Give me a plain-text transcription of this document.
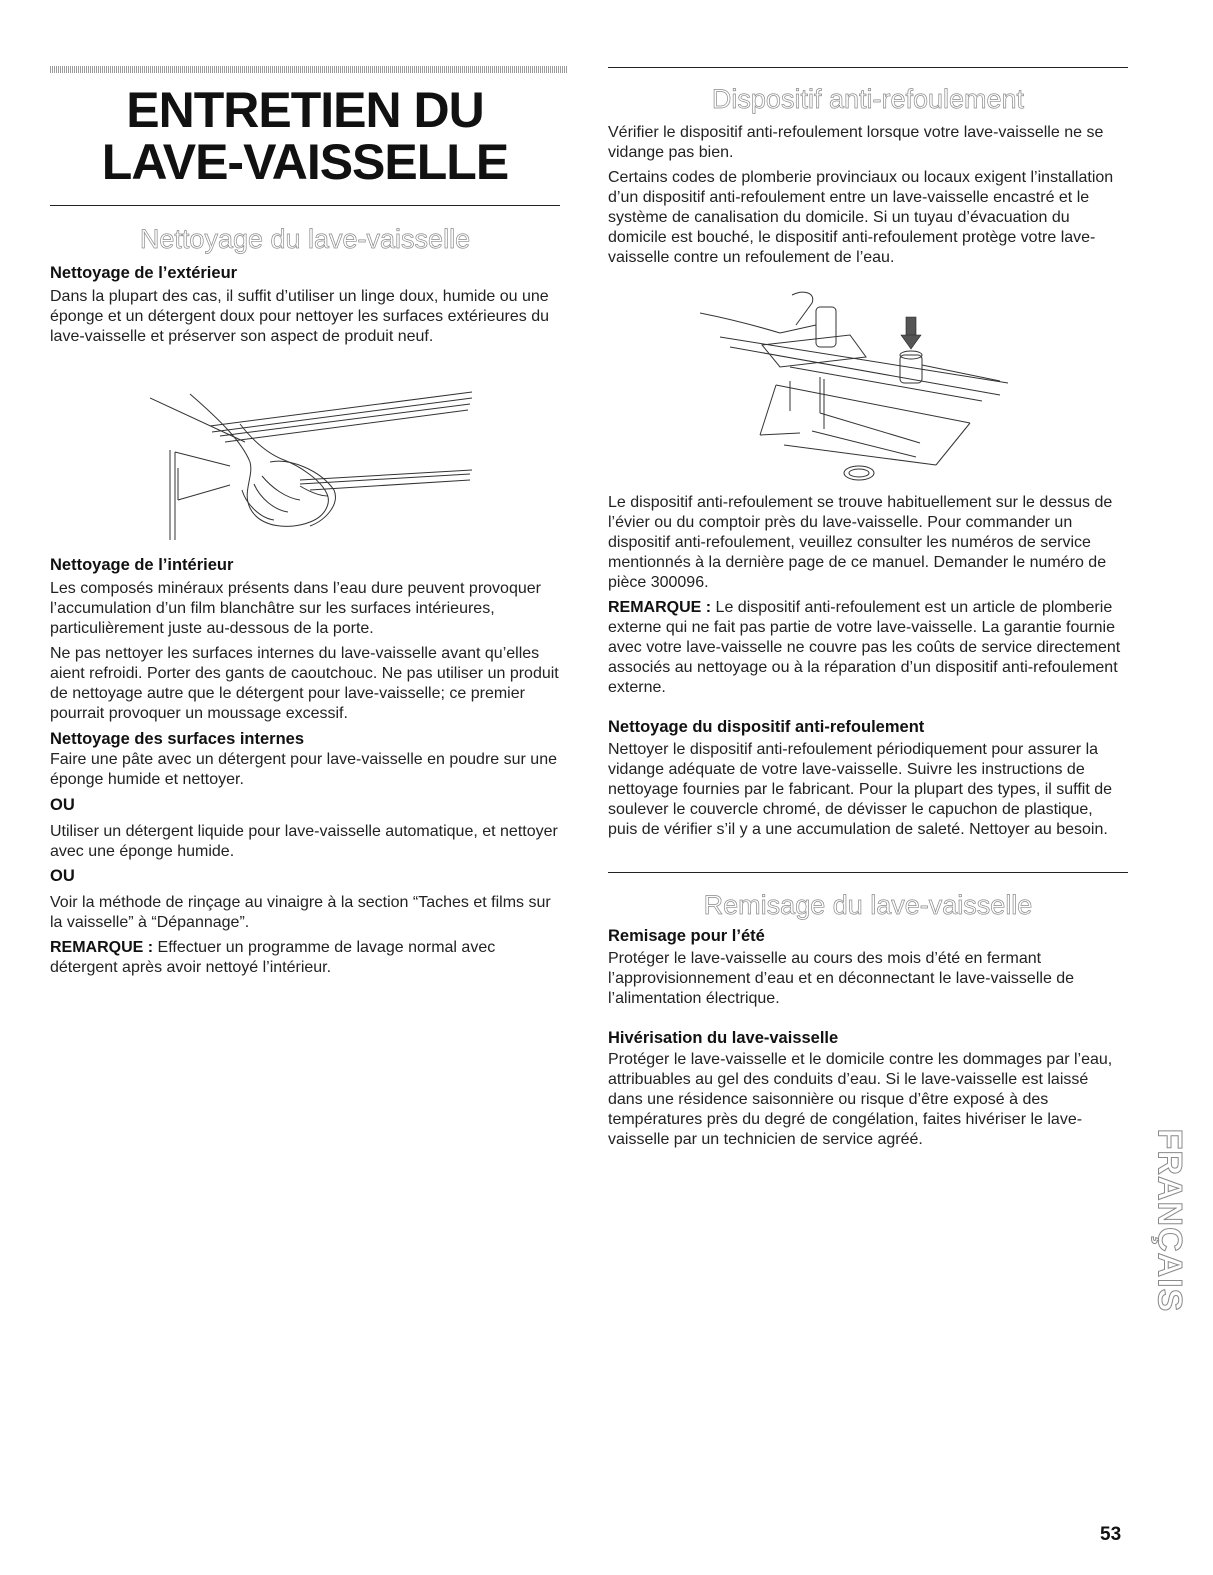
ENTRETIEN DU
LAVE-VAISSELLE
Nettoyage du lave-vaisselle
Nettoyage de l’extérieur

Dans la plupart des cas, il suffit d’utiliser un linge doux, humide ou une éponge et un détergent doux pour nettoyer les surfaces extérieures du lave-vaisselle et préserver son aspect de produit neuf.

Nettoyage de l’intérieur

Les composés minéraux présents dans l’eau dure peuvent provoquer l’accumulation d’un film blanchâtre sur les surfaces intérieures, particulièrement juste au-dessous de la porte.

Ne pas nettoyer les surfaces internes du lave-vaisselle avant qu’elles aient refroidi. Porter des gants de caoutchouc. Ne pas utiliser un produit de nettoyage autre que le détergent pour lave-vaisselle; ce premier pourrait provoquer un moussage excessif.

Nettoyage des surfaces internes

Faire une pâte avec un détergent pour lave-vaisselle en poudre sur une éponge humide et nettoyer.

OU

Utiliser un détergent liquide pour lave-vaisselle automatique, et nettoyer avec une éponge humide.

OU

Voir la méthode de rinçage au vinaigre à la section “Taches et films sur la vaisselle” à “Dépannage”.

REMARQUE : Effectuer un programme de lavage normal avec détergent après avoir nettoyé l’intérieur.

Dispositif anti-refoulement

Vérifier le dispositif anti-refoulement lorsque votre lave-vaisselle ne se vidange pas bien.

Certains codes de plomberie provinciaux ou locaux exigent l’installation d’un dispositif anti-refoulement entre un lave-vaisselle encastré et le système de canalisation du domicile. Si un tuyau d’évacuation du domicile est bouché, le dispositif anti-refoulement protège votre lave-vaisselle contre un refoulement de l’eau.

Le dispositif anti-refoulement se trouve habituellement sur le dessus de l’évier ou du comptoir près du lave-vaisselle. Pour commander un dispositif anti-refoulement, veuillez consulter les numéros de service mentionnés à la dernière page de ce manuel. Demander le numéro de pièce 300096.

REMARQUE : Le dispositif anti-refoulement est un article de plomberie externe qui ne fait pas partie de votre lave-vaisselle. La garantie fournie avec votre lave-vaisselle ne couvre pas les coûts de service directement associés au nettoyage ou à la réparation d’un dispositif anti-refoulement externe.

Nettoyage du dispositif anti-refoulement

Nettoyer le dispositif anti-refoulement périodiquement pour assurer la vidange adéquate de votre lave-vaisselle. Suivre les instructions de nettoyage fournies par le fabricant. Pour la plupart des types, il suffit de soulever le couvercle chromé, de dévisser le capuchon de plastique, puis de vérifier s’il y a une accumulation de saleté. Nettoyer au besoin.

Remisage du lave-vaisselle
Remisage pour l’été

Protéger le lave-vaisselle au cours des mois d’été en fermant l’approvisionnement d’eau et en déconnectant le lave-vaisselle de l’alimentation électrique.

Hivérisation du lave-vaisselle

Protéger le lave-vaisselle et le domicile contre les dommages par l’eau, attribuables au gel des conduits d’eau. Si le lave-vaisselle est laissé dans une résidence saisonnière ou risque d’être exposé à des températures près du degré de congélation, faites hivériser le lave-vaisselle par un technicien de service agréé.	FRANÇAIS
53
